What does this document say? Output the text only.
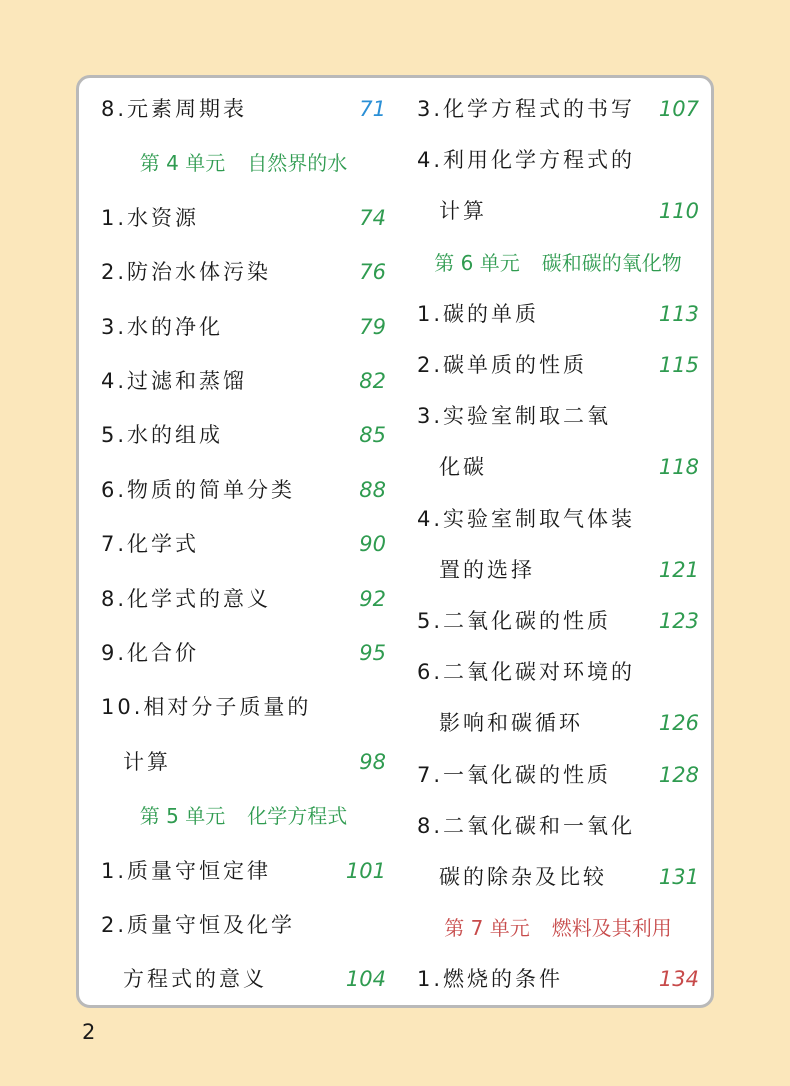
8.元素周期表	71
第 4 单元 自然界的水
1.水资源	74
2.防治水体污染	76
3.水的净化	79
4.过滤和蒸馏	82
5.水的组成	85
6.物质的简单分类	88
7.化学式	90
8.化学式的意义	92
9.化合价	95
10.相对分子质量的
计算	98
第 5 单元 化学方程式
1.质量守恒定律	101
2.质量守恒及化学
方程式的意义	104
3.化学方程式的书写 107
4.利用化学方程式的
计算	110
第 6 单元 碳和碳的氧化物
1.碳的单质	113
2.碳单质的性质	115
3.实验室制取二氧
化碳	118
4.实验室制取气体装
置的选择	121
5.二氧化碳的性质 123
6.二氧化碳对环境的
影响和碳循环	126
7.一氧化碳的性质 128
8.二氧化碳和一氧化
碳的除杂及比较 131
第 7 单元 燃料及其利用
1.燃烧的条件	134
2
